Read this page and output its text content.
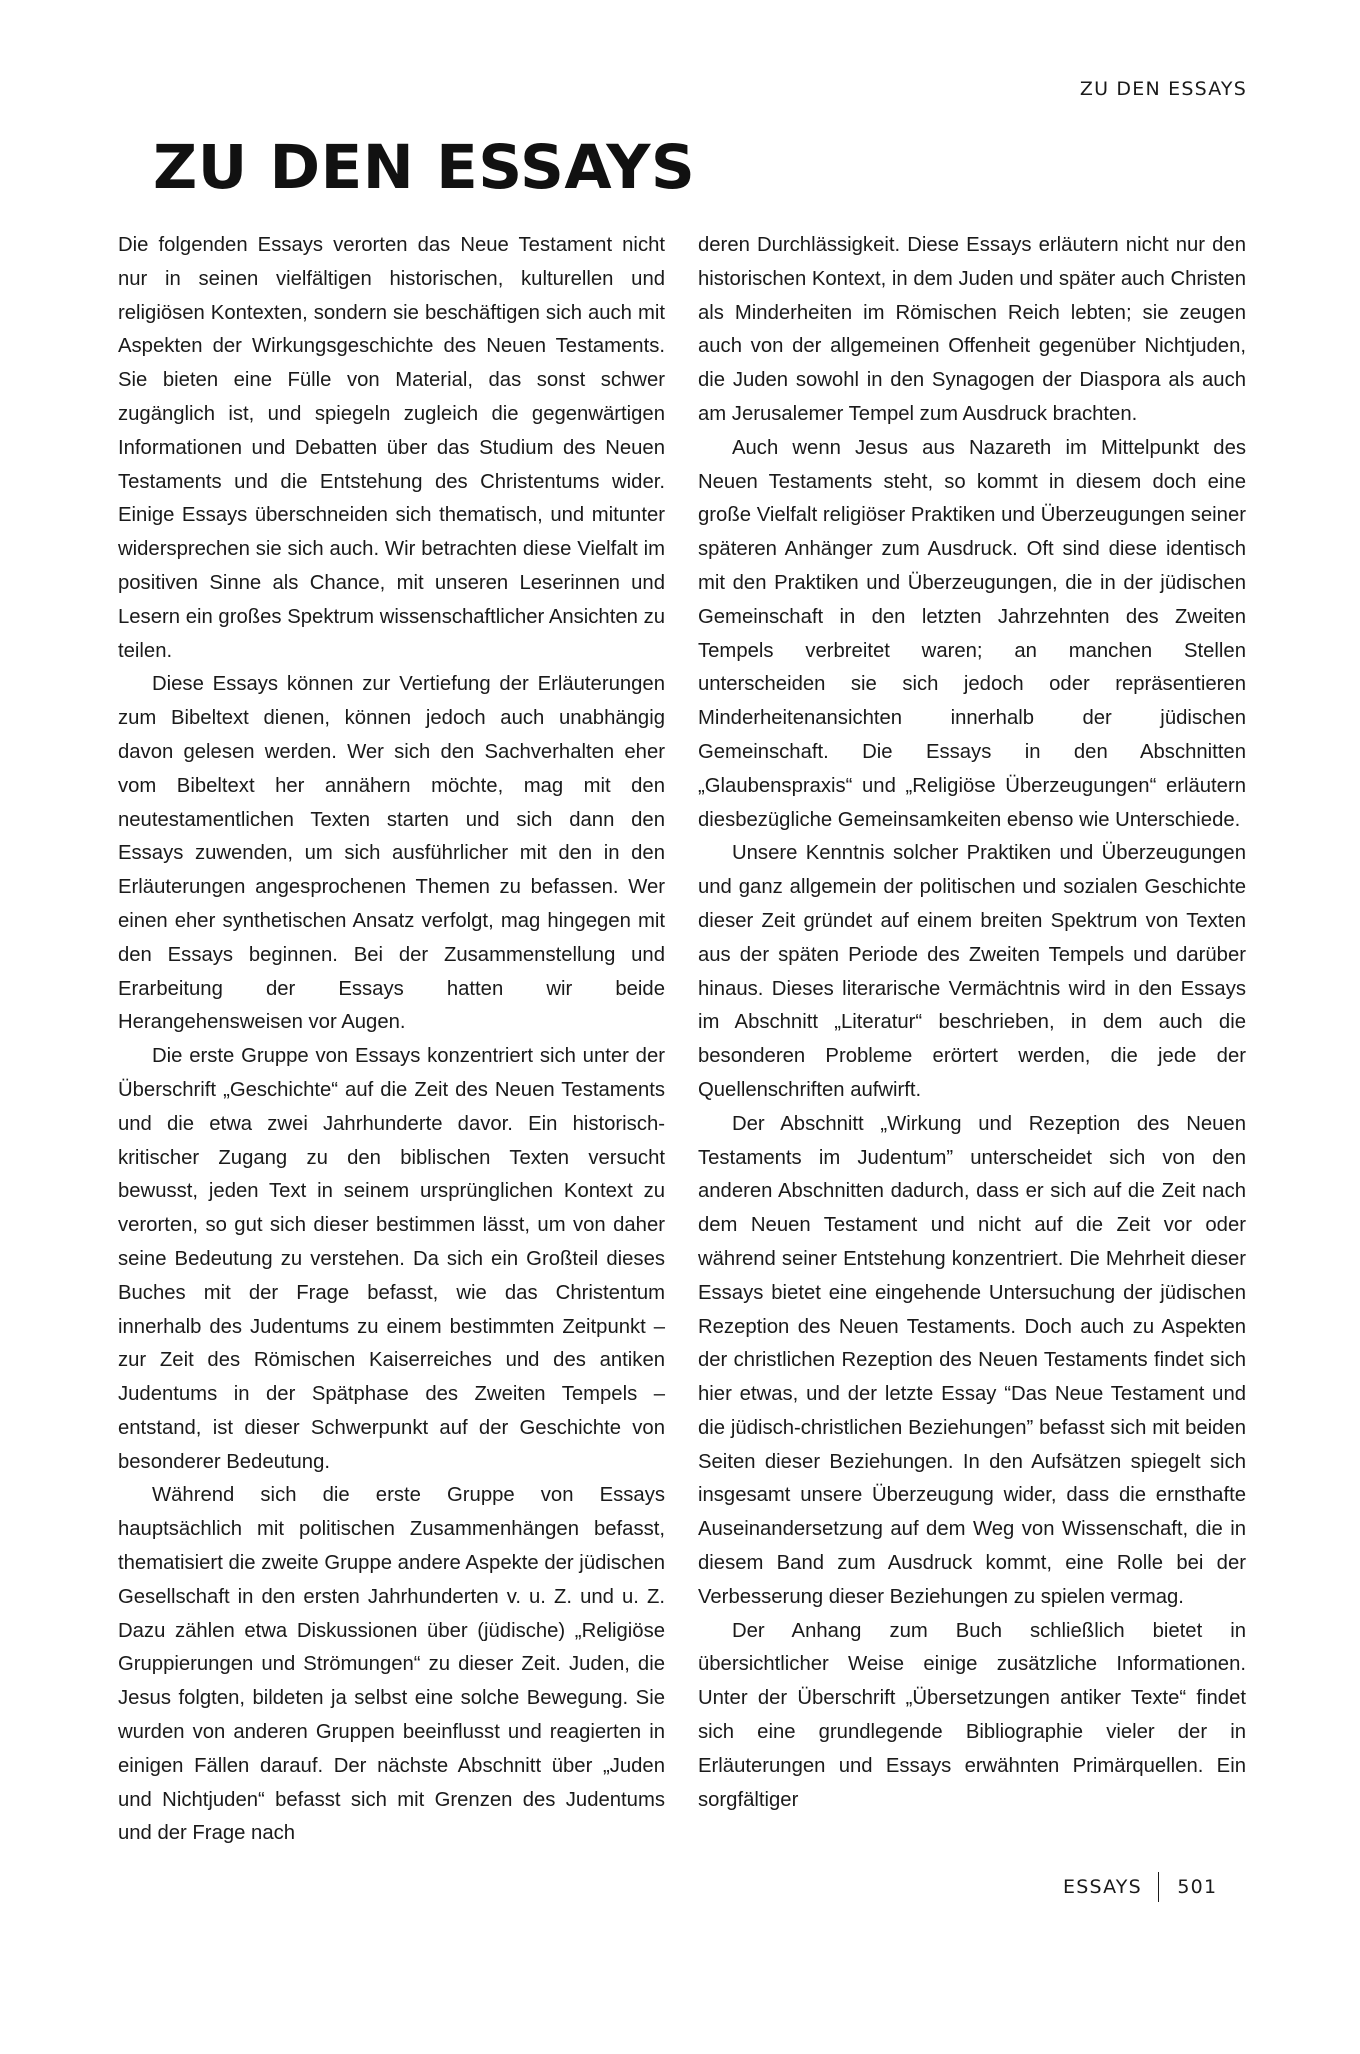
ZU DEN ESSAYS
ZU DEN ESSAYS

Die folgenden Essays verorten das Neue Testament nicht nur in seinen vielfältigen historischen, kulturellen und religiösen Kontexten, sondern sie beschäftigen sich auch mit Aspekten der Wirkungsgeschichte des Neuen Testaments. Sie bieten eine Fülle von Material, das sonst schwer zugänglich ist, und spiegeln zugleich die gegenwärtigen Informationen und Debatten über das Studium des Neuen Testaments und die Entstehung des Christentums wider. Einige Essays überschneiden sich thematisch, und mitunter widersprechen sie sich auch. Wir betrachten diese Vielfalt im positiven Sinne als Chance, mit unseren Leserinnen und Lesern ein großes Spektrum wissenschaftlicher Ansichten zu teilen.

Diese Essays können zur Vertiefung der Erläuterungen zum Bibeltext dienen, können jedoch auch unabhängig davon gelesen werden. Wer sich den Sachverhalten eher vom Bibeltext her annähern möchte, mag mit den neutestamentlichen Texten starten und sich dann den Essays zuwenden, um sich ausführlicher mit den in den Erläuterungen angesprochenen Themen zu befassen. Wer einen eher synthetischen Ansatz verfolgt, mag hingegen mit den Essays beginnen. Bei der Zusammenstellung und Erarbeitung der Essays hatten wir beide Herangehensweisen vor Augen.

Die erste Gruppe von Essays konzentriert sich unter der Überschrift „Geschichte“ auf die Zeit des Neuen Testaments und die etwa zwei Jahrhunderte davor. Ein historisch-kritischer Zugang zu den biblischen Texten versucht bewusst, jeden Text in seinem ursprünglichen Kontext zu verorten, so gut sich dieser bestimmen lässt, um von daher seine Bedeutung zu verstehen. Da sich ein Großteil dieses Buches mit der Frage befasst, wie das Christentum innerhalb des Judentums zu einem bestimmten Zeitpunkt – zur Zeit des Römischen Kaiserreiches und des antiken Judentums in der Spätphase des Zweiten Tempels – entstand, ist dieser Schwerpunkt auf der Geschichte von besonderer Bedeutung.

Während sich die erste Gruppe von Essays hauptsächlich mit politischen Zusammenhängen befasst, thematisiert die zweite Gruppe andere Aspekte der jüdischen Gesellschaft in den ersten Jahrhunderten v. u. Z. und u. Z. Dazu zählen etwa Diskussionen über (jüdische) „Religiöse Gruppierungen und Strömungen“ zu dieser Zeit. Juden, die Jesus folgten, bildeten ja selbst eine solche Bewegung. Sie wurden von anderen Gruppen beeinflusst und reagierten in einigen Fällen darauf. Der nächste Abschnitt über „Juden und Nichtjuden“ befasst sich mit Grenzen des Judentums und der Frage nach

deren Durchlässigkeit. Diese Essays erläutern nicht nur den historischen Kontext, in dem Juden und später auch Christen als Minderheiten im Römischen Reich lebten; sie zeugen auch von der allgemeinen Offenheit gegenüber Nichtjuden, die Juden sowohl in den Synagogen der Diaspora als auch am Jerusalemer Tempel zum Ausdruck brachten.

Auch wenn Jesus aus Nazareth im Mittelpunkt des Neuen Testaments steht, so kommt in diesem doch eine große Vielfalt religiöser Praktiken und Überzeugungen seiner späteren Anhänger zum Ausdruck. Oft sind diese identisch mit den Praktiken und Überzeugungen, die in der jüdischen Gemeinschaft in den letzten Jahrzehnten des Zweiten Tempels verbreitet waren; an manchen Stellen unterscheiden sie sich jedoch oder repräsentieren Minderheitenansichten innerhalb der jüdischen Gemeinschaft. Die Essays in den Abschnitten „Glaubenspraxis“ und „Religiöse Überzeugungen“ erläutern diesbezügliche Gemeinsamkeiten ebenso wie Unterschiede.

Unsere Kenntnis solcher Praktiken und Überzeugungen und ganz allgemein der politischen und sozialen Geschichte dieser Zeit gründet auf einem breiten Spektrum von Texten aus der späten Periode des Zweiten Tempels und darüber hinaus. Dieses literarische Vermächtnis wird in den Essays im Abschnitt „Literatur“ beschrieben, in dem auch die besonderen Probleme erörtert werden, die jede der Quellenschriften aufwirft.

Der Abschnitt „Wirkung und Rezeption des Neuen Testaments im Judentum” unterscheidet sich von den anderen Abschnitten dadurch, dass er sich auf die Zeit nach dem Neuen Testament und nicht auf die Zeit vor oder während seiner Entstehung konzentriert. Die Mehrheit dieser Essays bietet eine eingehende Untersuchung der jüdischen Rezeption des Neuen Testaments. Doch auch zu Aspekten der christlichen Rezeption des Neuen Testaments findet sich hier etwas, und der letzte Essay “Das Neue Testament und die jüdisch-christlichen Beziehungen” befasst sich mit beiden Seiten dieser Beziehungen. In den Aufsätzen spiegelt sich insgesamt unsere Überzeugung wider, dass die ernsthafte Auseinandersetzung auf dem Weg von Wissenschaft, die in diesem Band zum Ausdruck kommt, eine Rolle bei der Verbesserung dieser Beziehungen zu spielen vermag.

Der Anhang zum Buch schließlich bietet in übersichtlicher Weise einige zusätzliche Informationen. Unter der Überschrift „Übersetzungen antiker Texte“ findet sich eine grundlegende Bibliographie vieler der in Erläuterungen und Essays erwähnten Primärquellen. Ein sorgfältiger

ESSAYS 501
